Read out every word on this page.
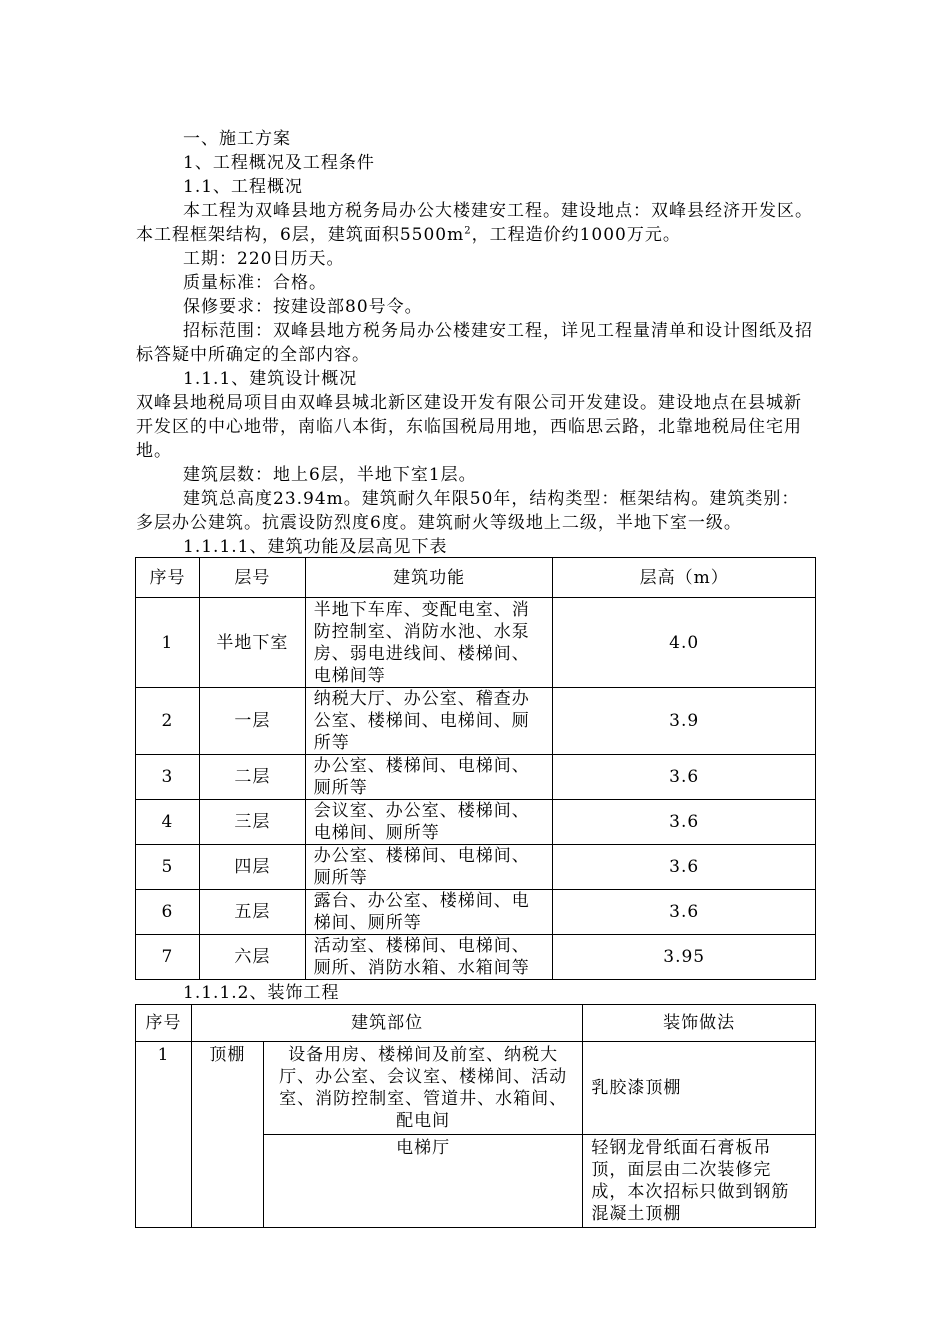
一、施工方案
1、工程概况及工程条件
1.1、工程概况
本工程为双峰县地方税务局办公大楼建安工程。建设地点：双峰县经济开发区。本工程框架结构，6层，建筑面积$5500m^2$，工程造价约1000万元。
工期：220日历天。
质量标准：合格。
保修要求：按建设部80号令。
招标范围：双峰县地方税务局办公楼建安工程，详见工程量清单和设计图纸及招标答疑中所确定的全部内容。
1.1.1、建筑设计概况
双峰县地税局项目由双峰县城北新区建设开发有限公司开发建设。建设地点在县城新开发区的中心地带，南临八本街，东临国税局用地，西临思云路，北靠地税局住宅用地。
建筑层数：地上6层，半地下室1层。
建筑总高度23.94m。建筑耐久年限50年，结构类型：框架结构。建筑类别：多层办公建筑。抗震设防烈度6度。建筑耐火等级地上二级，半地下室一级。
1.1.1.1、建筑功能及层高见下表
序号	层号	建筑功能	层高（m）
1	半地下室	半地下车库、变配电室、消防控制室、消防水池、水泵房、弱电进线间、楼梯间、电梯间等	4.0
2	一层	纳税大厅、办公室、稽查办公室、楼梯间、电梯间、厕所等	3.9
3	二层	办公室、楼梯间、电梯间、厕所等	3.6
4	三层	会议室、办公室、楼梯间、电梯间、厕所等	3.6
5	四层	办公室、楼梯间、电梯间、厕所等	3.6
6	五层	露台、办公室、楼梯间、电梯间、厕所等	3.6
7	六层	活动室、楼梯间、电梯间、厕所、消防水箱、水箱间等	3.95
1.1.1.2、装饰工程
序号	建筑部位		装饰做法
1	顶棚	设备用房、楼梯间及前室、纳税大厅、办公室、会议室、楼梯间、活动室、消防控制室、管道井、水箱间、配电间	乳胶漆顶棚
		电梯厅	轻钢龙骨纸面石膏板吊顶，面层由二次装修完成，本次招标只做到钢筋混凝土顶棚
